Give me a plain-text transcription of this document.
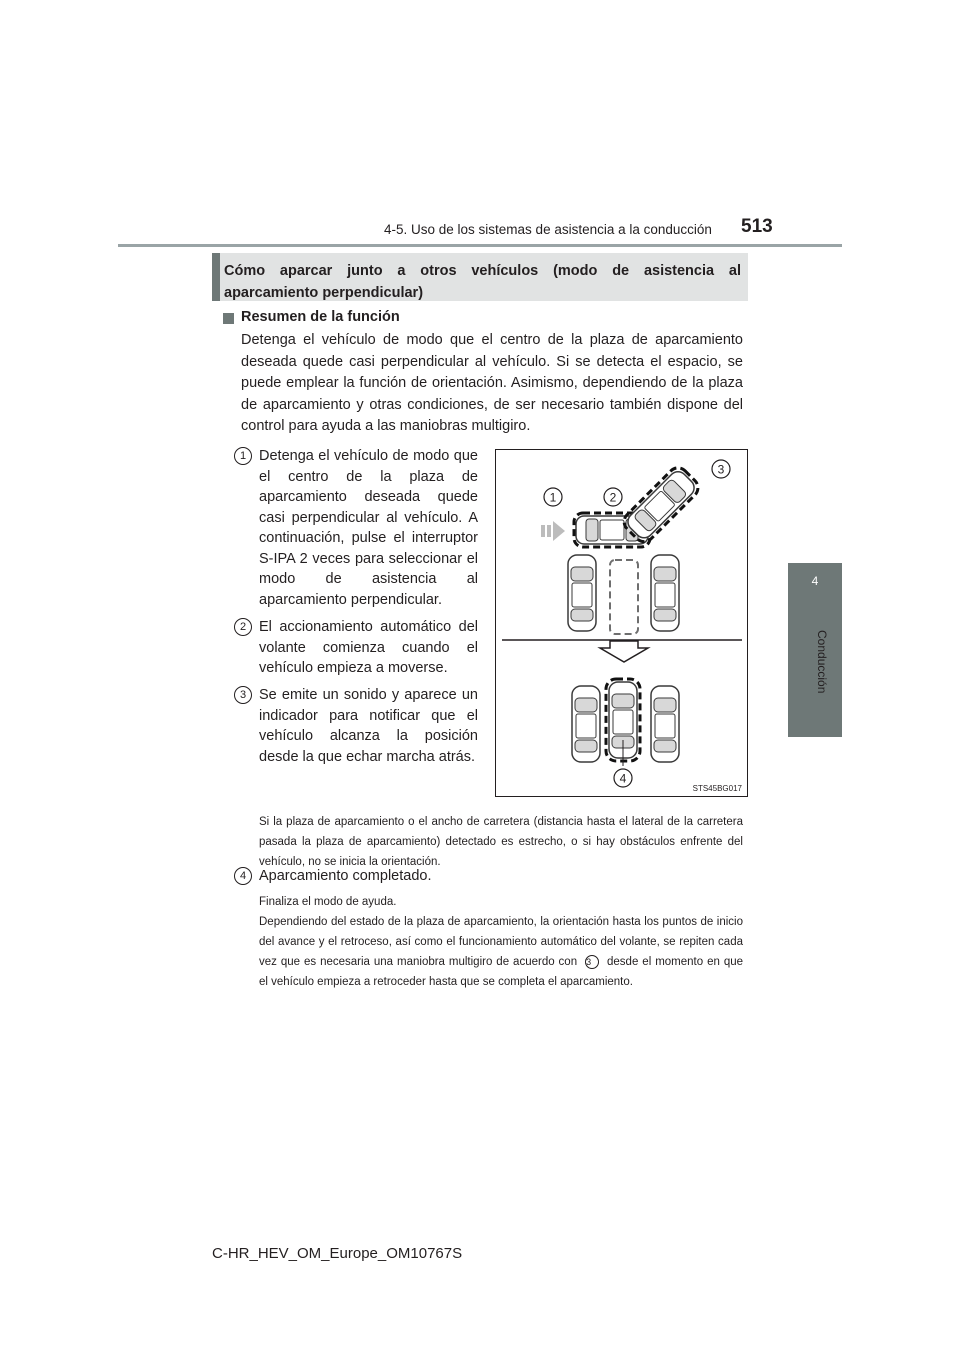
4-5. Uso de los sistemas de asistencia a la conducción 513
4
Conducción
Cómo aparcar junto a otros vehículos (modo de asistencia al aparcamiento perpendicular)
Resumen de la función
Detenga el vehículo de modo que el centro de la plaza de aparcamiento deseada quede casi perpendicular al vehículo. Si se detecta el espacio, se puede emplear la función de orientación. Asimismo, dependiendo de la plaza de aparcamiento y otras condiciones, de ser necesario también dispone del control para ayuda a las maniobras multigiro.
1 Detenga el vehículo de modo que el centro de la plaza de aparcamiento deseada quede casi perpendicular al vehículo. A continuación, pulse el interruptor S-IPA 2 veces para seleccionar el modo de asistencia al aparcamiento perpendicular.
2 El accionamiento automático del volante comienza cuando el vehículo empieza a moverse.
3 Se emite un sonido y aparece un indicador para notificar que el vehículo alcanza la posición desde la que echar marcha atrás.
Si la plaza de aparcamiento o el ancho de carretera (distancia hasta el lateral de la carretera pasada la plaza de aparcamiento) detectado es estrecho, o si hay obstáculos enfrente del vehículo, no se inicia la orientación.
4 Aparcamiento completado.
Finaliza el modo de ayuda.
Dependiendo del estado de la plaza de aparcamiento, la orientación hasta los puntos de inicio del avance y el retroceso, así como el funcionamiento automático del volante, se repiten cada vez que es necesaria una maniobra multigiro de acuerdo con 3 desde el momento en que el vehículo empieza a retroceder hasta que se completa el aparcamiento.
1	2
3
4
STS45BG017
C-HR_HEV_OM_Europe_OM10767S
